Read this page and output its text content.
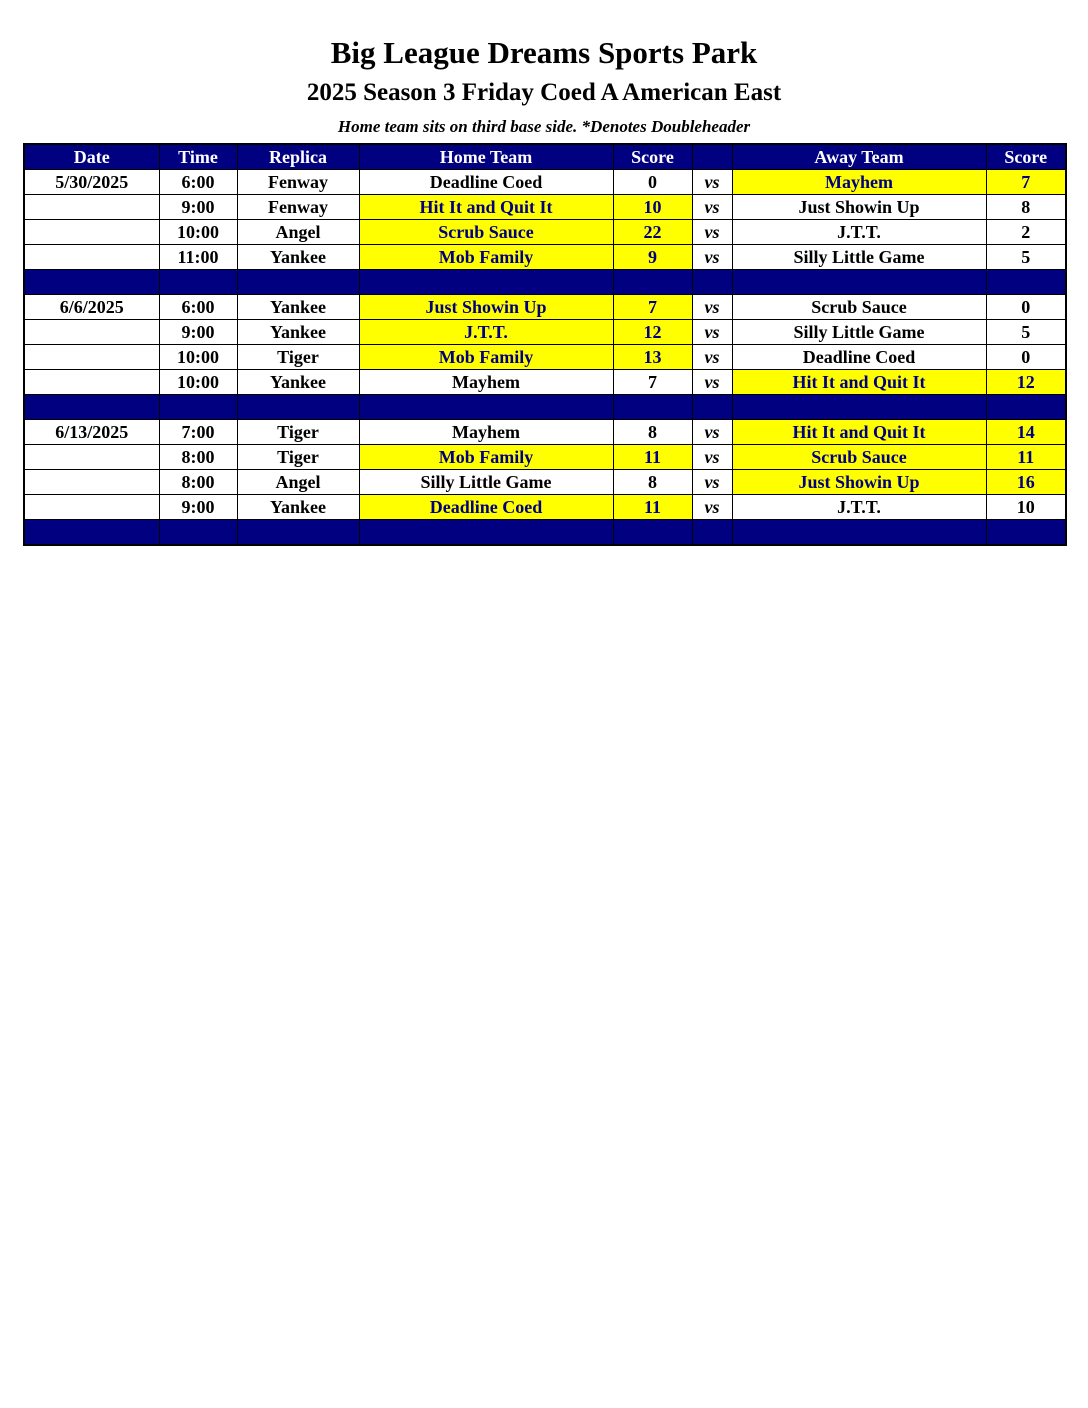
Big League Dreams Sports Park
2025 Season 3 Friday Coed A American East
Home team sits on third base side. *Denotes Doubleheader
Date	Time	Replica	Home Team	Score		Away Team	Score
5/30/2025	6:00	Fenway	Deadline Coed	0	vs	Mayhem	7
	9:00	Fenway	Hit It and Quit It	10	vs	Just Showin Up	8
	10:00	Angel	Scrub Sauce	22	vs	J.T.T.	2
	11:00	Yankee	Mob Family	9	vs	Silly Little Game	5

6/6/2025	6:00	Yankee	Just Showin Up	7	vs	Scrub Sauce	0
	9:00	Yankee	J.T.T.	12	vs	Silly Little Game	5
	10:00	Tiger	Mob Family	13	vs	Deadline Coed	0
	10:00	Yankee	Mayhem	7	vs	Hit It and Quit It	12

6/13/2025	7:00	Tiger	Mayhem	8	vs	Hit It and Quit It	14
	8:00	Tiger	Mob Family	11	vs	Scrub Sauce	11
	8:00	Angel	Silly Little Game	8	vs	Just Showin Up	16
	9:00	Yankee	Deadline Coed	11	vs	J.T.T.	10
